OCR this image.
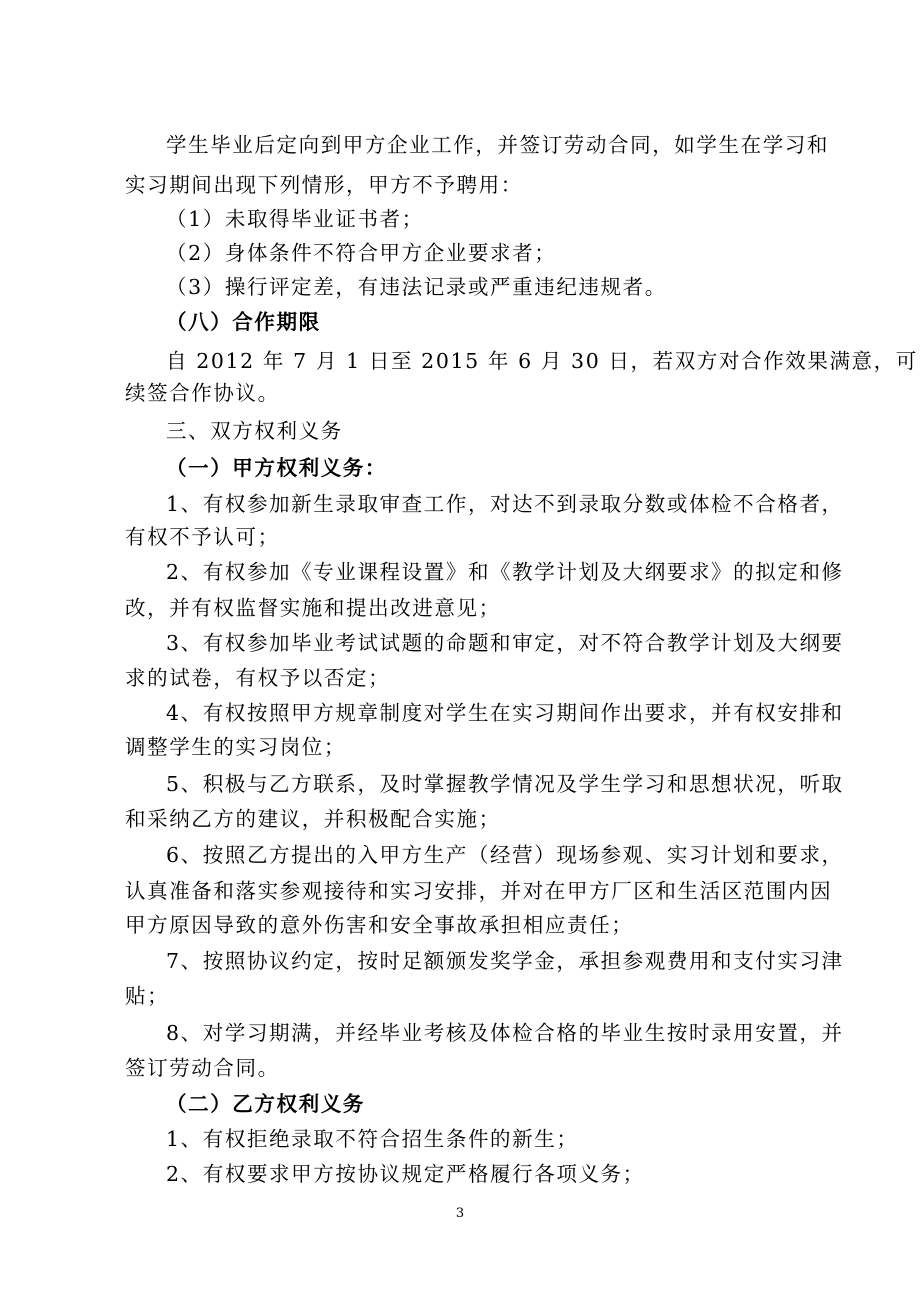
学生毕业后定向到甲方企业工作，并签订劳动合同，如学生在学习和
实习期间出现下列情形，甲方不予聘用：
（1）未取得毕业证书者；
（2）身体条件不符合甲方企业要求者；
（3）操行评定差，有违法记录或严重违纪违规者。
（八）合作期限
自 2012 年 7 月 1 日至 2015 年 6 月 30 日，若双方对合作效果满意，可
续签合作协议。
三、双方权利义务
（一）甲方权利义务：
1、有权参加新生录取审查工作，对达不到录取分数或体检不合格者，
有权不予认可；
2、有权参加《专业课程设置》和《教学计划及大纲要求》的拟定和修
改，并有权监督实施和提出改进意见；
3、有权参加毕业考试试题的命题和审定，对不符合教学计划及大纲要
求的试卷，有权予以否定；
4、有权按照甲方规章制度对学生在实习期间作出要求，并有权安排和
调整学生的实习岗位；
5、积极与乙方联系，及时掌握教学情况及学生学习和思想状况，听取
和采纳乙方的建议，并积极配合实施；
6、按照乙方提出的入甲方生产（经营）现场参观、实习计划和要求，
认真准备和落实参观接待和实习安排，并对在甲方厂区和生活区范围内因
甲方原因导致的意外伤害和安全事故承担相应责任；
7、按照协议约定，按时足额颁发奖学金，承担参观费用和支付实习津
贴；
8、对学习期满，并经毕业考核及体检合格的毕业生按时录用安置，并
签订劳动合同。
（二）乙方权利义务
1、有权拒绝录取不符合招生条件的新生；
2、有权要求甲方按协议规定严格履行各项义务；
3
